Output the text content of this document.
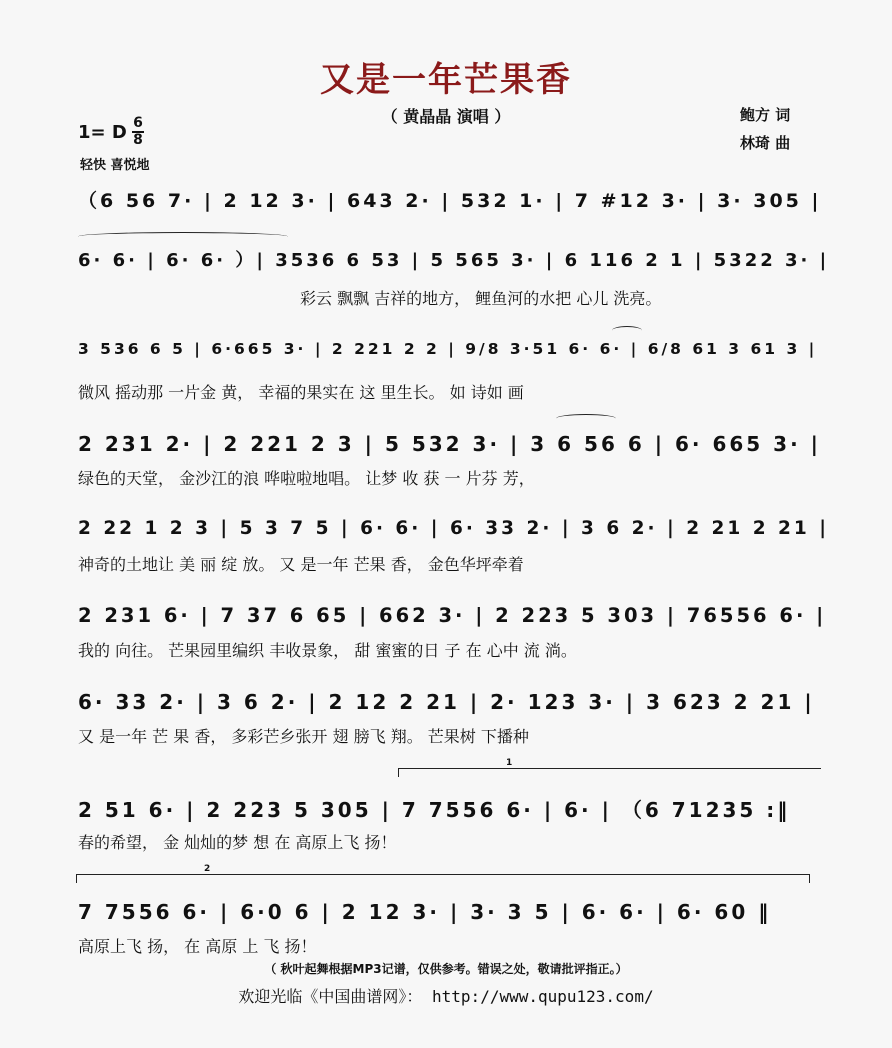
又是一年芒果香
（ 黄晶晶 演唱 ）	鲍方 词
林琦 曲
1= D 6
8
轻快 喜悦地
1
2
（6 56 7· | 2 12 3· | 643 2· | 532 1· | 7 #12 3· | 3· 305 |
6· 6· | 6· 6· ）| 3536 6 53 | 5 565 3· | 6 116 2 1 | 5322 3· |
彩云 飘飘 吉祥的地方， 鲤鱼河的水把 心儿 洗亮。
3 536 6 5 | 6·665 3· | 2 221 2 2 | 9/8 3·51 6· 6· | 6/8 61 3 61 3 |
微风 摇动那 一片金 黄， 幸福的果实在 这 里生长。 如 诗如 画
2 231 2· | 2 221 2 3 | 5 532 3· | 3 6 56 6 | 6· 665 3· |
绿色的天堂， 金沙江的浪 哗啦啦地唱。 让梦 收 获 一 片芬 芳，
2 22 1 2 3 | 5 3 7 5 | 6· 6· | 6· 33 2· | 3 6 2· | 2 21 2 21 |
神奇的土地让 美 丽 绽 放。 又 是一年 芒果 香， 金色华坪牵着
2 231 6· | 7 37 6 65 | 662 3· | 2 223 5 303 | 76556 6· |
我的 向往。 芒果园里编织 丰收景象， 甜 蜜蜜的日 子 在 心中 流 淌。
6· 33 2· | 3 6 2· | 2 12 2 21 | 2· 123 3· | 3 623 2 21 |
又 是一年 芒 果 香， 多彩芒乡张开 翅 膀飞 翔。 芒果树 下播种
2 51 6· | 2 223 5 305 | 7 7556 6· | 6· | （6 71235 :‖
春的希望， 金 灿灿的梦 想 在 高原上飞 扬！
7 7556 6· | 6·0 6 | 2 12 3· | 3· 3 5 | 6· 6· | 6· 60 ‖
高原上飞 扬， 在 高原 上 飞 扬！
（ 秋叶起舞根据MP3记谱，仅供参考。错误之处，敬请批评指正。）
欢迎光临《中国曲谱网》： http://www.qupu123.com/
